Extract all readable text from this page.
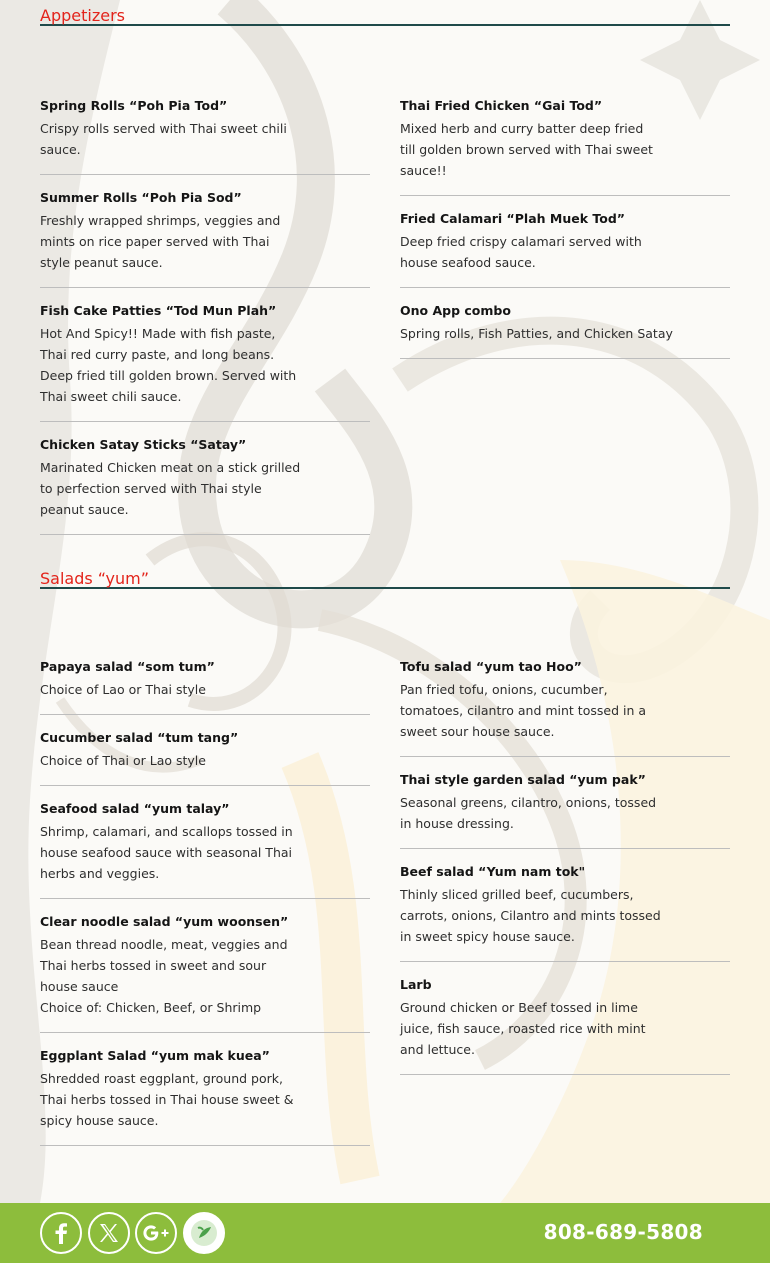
Appetizers
Spring Rolls “Poh Pia Tod”
Crispy rolls served with Thai sweet chili sauce.
Summer Rolls “Poh Pia Sod”
Freshly wrapped shrimps, veggies and mints on rice paper served with Thai style peanut sauce.
Fish Cake Patties “Tod Mun Plah”
Hot And Spicy!! Made with fish paste, Thai red curry paste, and long beans. Deep fried till golden brown. Served with Thai sweet chili sauce.
Chicken Satay Sticks “Satay”
Marinated Chicken meat on a stick grilled to perfection served with Thai style peanut sauce.
Thai Fried Chicken “Gai Tod”
Mixed herb and curry batter deep fried till golden brown served with Thai sweet sauce!!
Fried Calamari “Plah Muek Tod”
Deep fried crispy calamari served with house seafood sauce.
Ono App combo
Spring rolls, Fish Patties, and Chicken Satay
Salads “yum”
Papaya salad “som tum”
Choice of Lao or Thai style
Cucumber salad “tum tang”
Choice of Thai or Lao style
Seafood salad “yum talay”
Shrimp, calamari, and scallops tossed in house seafood sauce with seasonal Thai herbs and veggies.
Clear noodle salad “yum woonsen”
Bean thread noodle, meat, veggies and Thai herbs tossed in sweet and sour house sauce
Choice of: Chicken, Beef, or Shrimp
Eggplant Salad “yum mak kuea”
Shredded roast eggplant, ground pork, Thai herbs tossed in Thai house sweet & spicy house sauce.
Tofu salad “yum tao Hoo”
Pan fried tofu, onions, cucumber, tomatoes, cilantro and mint tossed in a sweet sour house sauce.
Thai style garden salad “yum pak”
Seasonal greens, cilantro, onions, tossed in house dressing.
Beef salad “Yum nam tok"
Thinly sliced grilled beef, cucumbers, carrots, onions, Cilantro and mints tossed in sweet spicy house sauce.
Larb
Ground chicken or Beef tossed in lime juice, fish sauce, roasted rice with mint and lettuce.
808-689-5808
